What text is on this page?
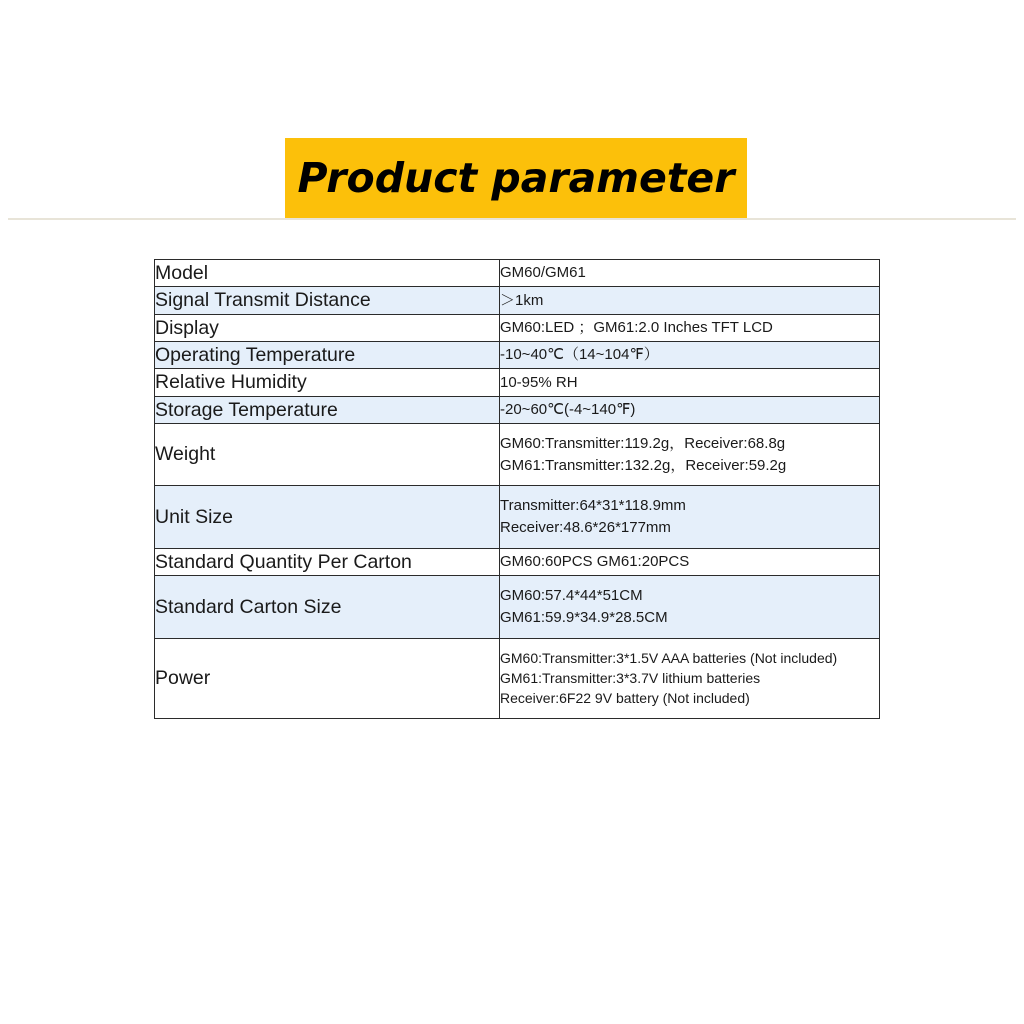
Product parameter
Model	GM60/GM61

Signal Transmit Distance	＞1km

Display	GM60:LED ；GM61:2.0 Inches TFT LCD

Operating Temperature	-10~40℃（14~104℉）

Relative Humidity	10-95% RH

Storage Temperature	-20~60℃(-4~140℉)

Weight	GM60:Transmitter:119.2g，Receiver:68.8g
GM61:Transmitter:132.2g，Receiver:59.2g

Unit Size	Transmitter:64*31*118.9mm
Receiver:48.6*26*177mm

Standard Quantity Per Carton	GM60:60PCS GM61:20PCS

Standard Carton Size	GM60:57.4*44*51CM
GM61:59.9*34.9*28.5CM

Power	GM60:Transmitter:3*1.5V AAA batteries (Not included)
GM61:Transmitter:3*3.7V lithium batteries
Receiver:6F22 9V battery (Not included)
